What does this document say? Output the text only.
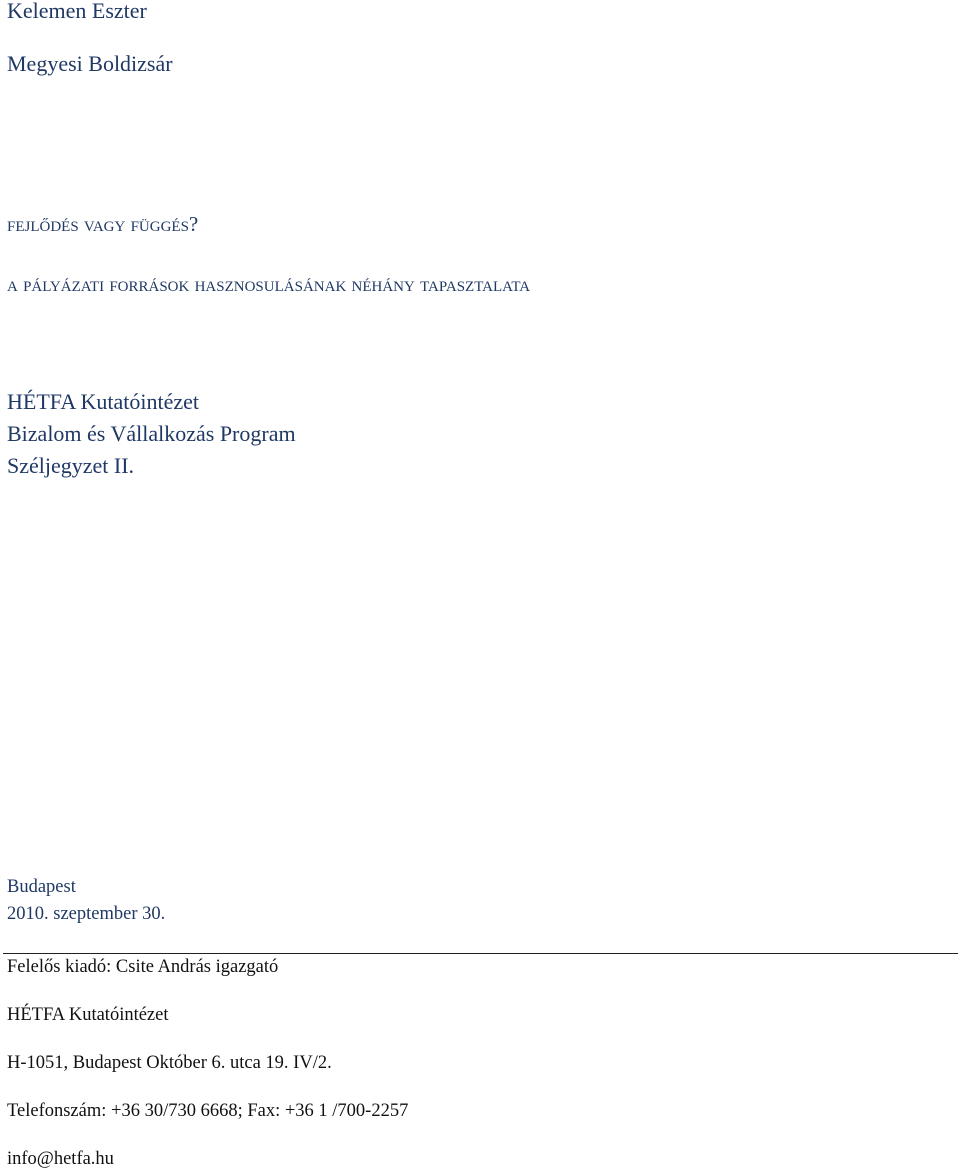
Kelemen Eszter

Megyesi Boldizsár

fejlődés vagy függés?
a pályázati források hasznosulásának néhány tapasztalata

HÉTFA Kutatóintézet

Bizalom és Vállalkozás Program

Széljegyzet II.

Budapest

2010. szeptember 30.

Felelős kiadó: Csite András igazgató

HÉTFA Kutatóintézet

H-1051, Budapest Október 6. utca 19. IV/2.

Telefonszám: +36 30/730 6668; Fax: +36 1 /700-2257

info@hetfa.hu
